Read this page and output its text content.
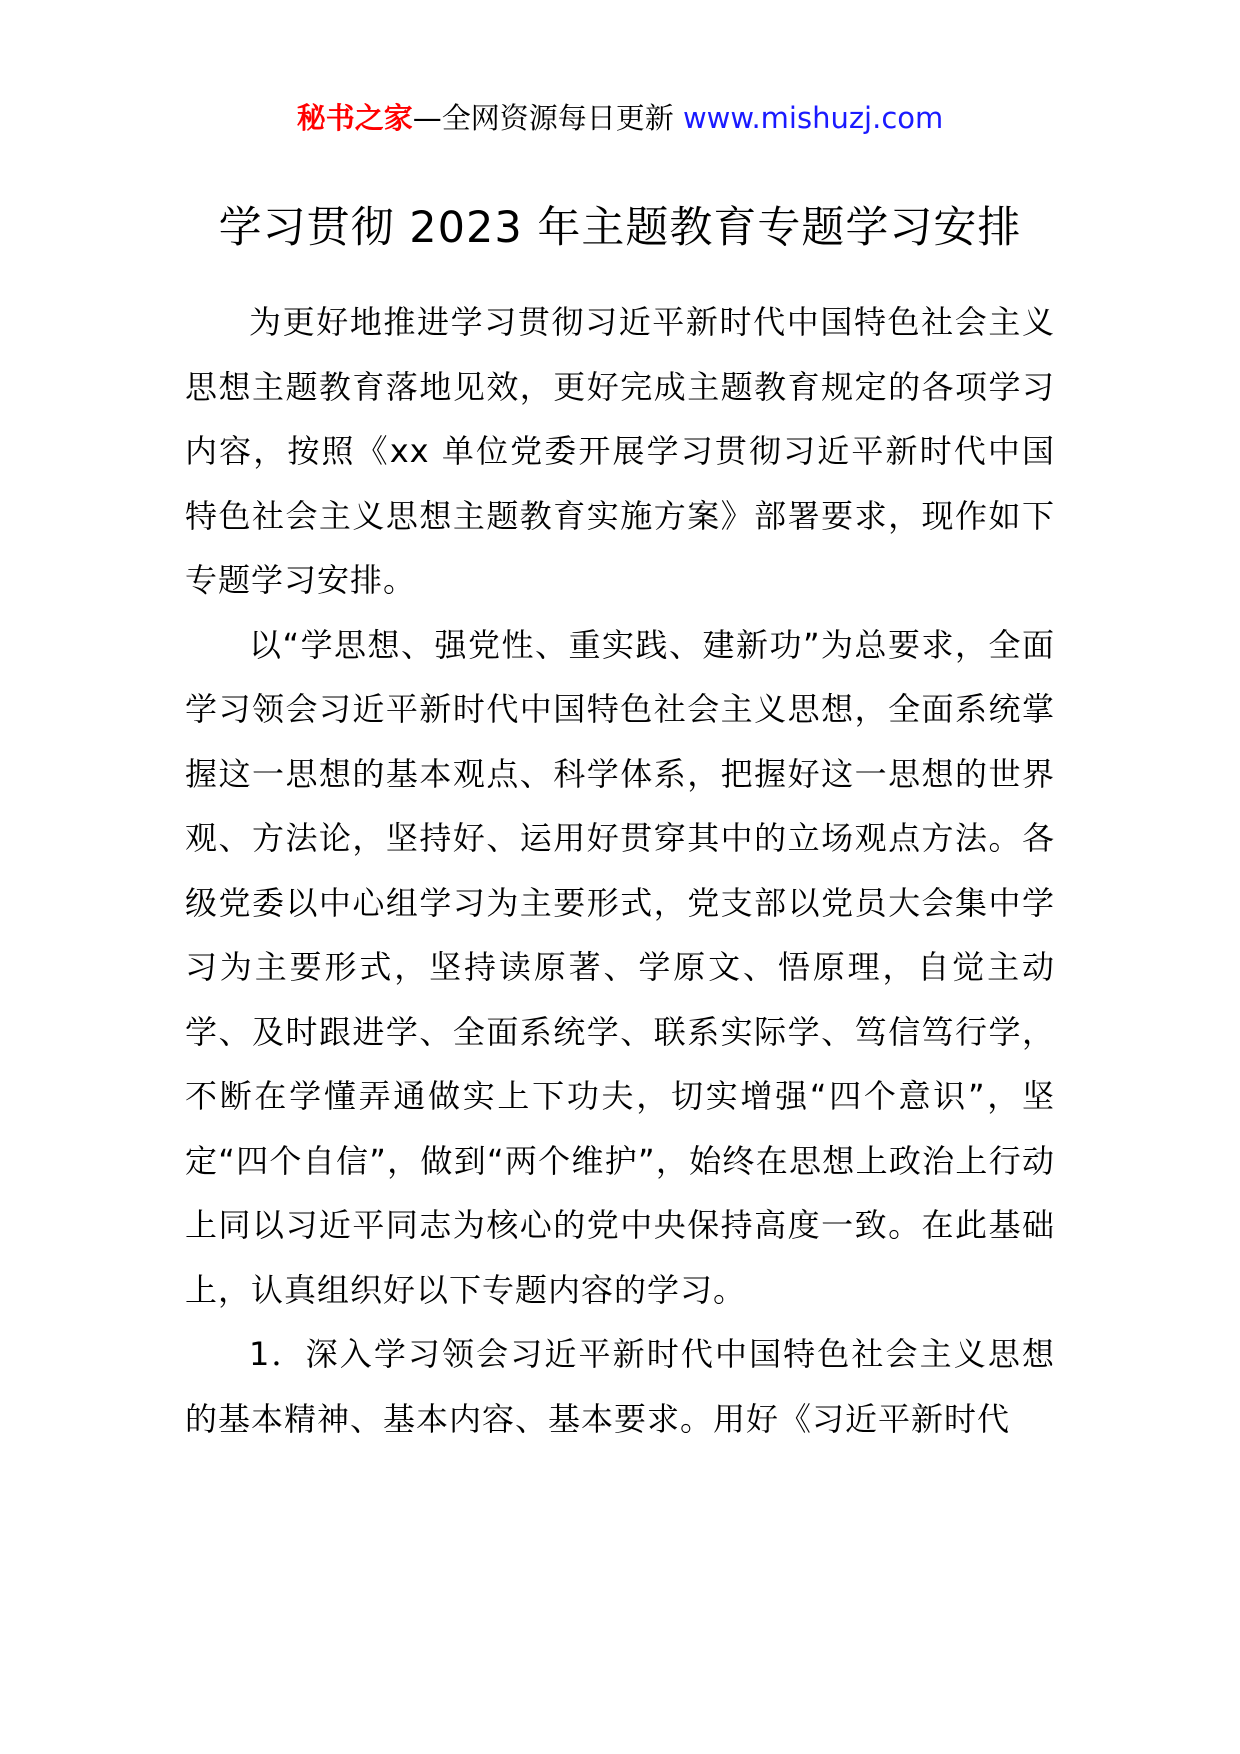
秘书之家—全网资源每日更新 www.mishuzj.com
学习贯彻 2023 年主题教育专题学习安排

为更好地推进学习贯彻习近平新时代中国特色社会主义思想主题教育落地见效，更好完成主题教育规定的各项学习内容，按照《xx 单位党委开展学习贯彻习近平新时代中国特色社会主义思想主题教育实施方案》部署要求，现作如下专题学习安排。

以“学思想、强党性、重实践、建新功”为总要求，全面学习领会习近平新时代中国特色社会主义思想，全面系统掌握这一思想的基本观点、科学体系，把握好这一思想的世界观、方法论，坚持好、运用好贯穿其中的立场观点方法。各级党委以中心组学习为主要形式，党支部以党员大会集中学习为主要形式，坚持读原著、学原文、悟原理，自觉主动学、及时跟进学、全面系统学、联系实际学、笃信笃行学，不断在学懂弄通做实上下功夫，切实增强“四个意识”，坚定“四个自信”，做到“两个维护”，始终在思想上政治上行动上同以习近平同志为核心的党中央保持高度一致。在此基础上，认真组织好以下专题内容的学习。

1．深入学习领会习近平新时代中国特色社会主义思想的基本精神、基本内容、基本要求。用好《习近平新时代
